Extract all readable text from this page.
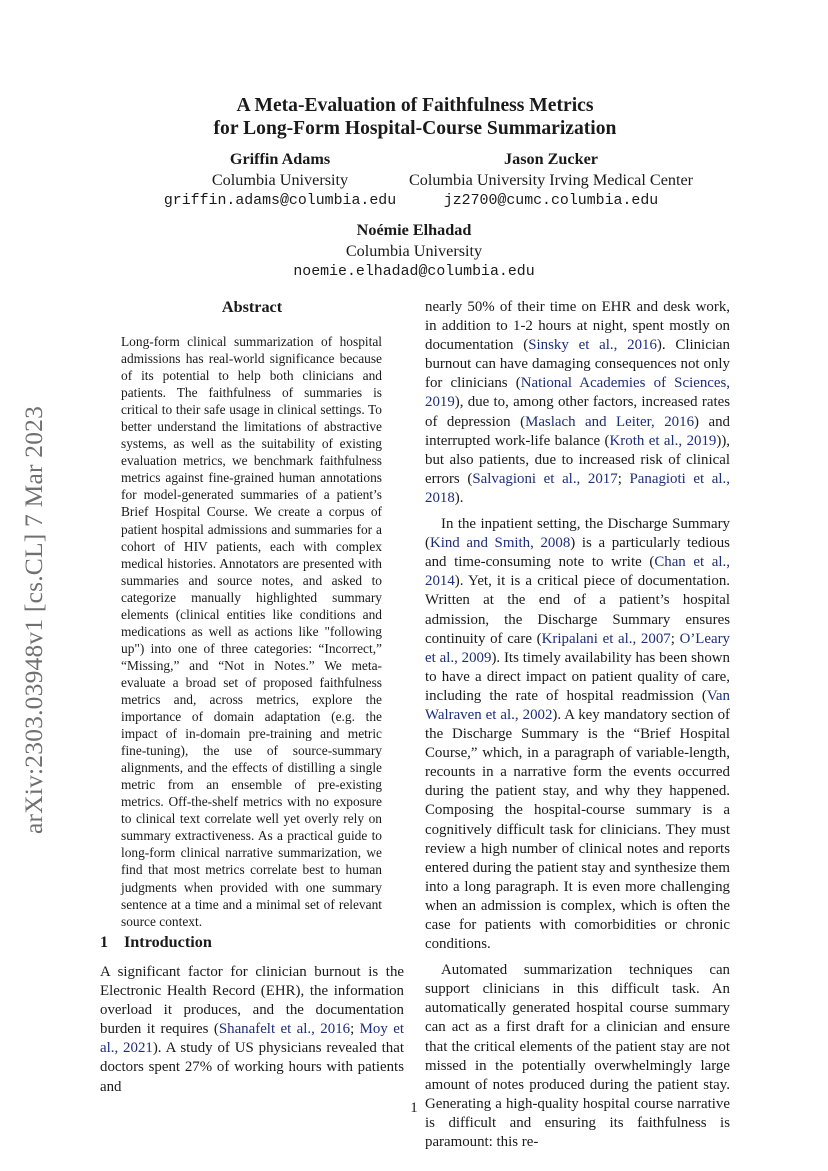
arXiv:2303.03948v1 [cs.CL] 7 Mar 2023
A Meta-Evaluation of Faithfulness Metrics
for Long-Form Hospital-Course Summarization
Griffin Adams
Columbia University
griffin.adams@columbia.edu
Jason Zucker
Columbia University Irving Medical Center
jz2700@cumc.columbia.edu
Noémie Elhadad
Columbia University
noemie.elhadad@columbia.edu
Abstract

Long-form clinical summarization of hospital admissions has real-world significance because of its potential to help both clinicians and patients. The faithfulness of summaries is critical to their safe usage in clinical settings. To better understand the limitations of abstractive systems, as well as the suitability of existing evaluation metrics, we benchmark faithfulness metrics against fine-grained human annotations for model-generated summaries of a patient’s Brief Hospital Course. We create a corpus of patient hospital admissions and summaries for a cohort of HIV patients, each with complex medical histories. Annotators are presented with summaries and source notes, and asked to categorize manually highlighted summary elements (clinical entities like conditions and medications as well as actions like "following up") into one of three categories: “Incorrect,” “Missing,” and “Not in Notes.” We meta-evaluate a broad set of proposed faithfulness metrics and, across metrics, explore the importance of domain adaptation (e.g. the impact of in-domain pre-training and metric fine-tuning), the use of source-summary alignments, and the effects of distilling a single metric from an ensemble of pre-existing metrics. Off-the-shelf metrics with no exposure to clinical text correlate well yet overly rely on summary extractiveness. As a practical guide to long-form clinical narrative summarization, we find that most metrics correlate best to human judgments when provided with one summary sentence at a time and a minimal set of relevant source context.

1 Introduction

A significant factor for clinician burnout is the Electronic Health Record (EHR), the information overload it produces, and the documentation burden it requires (Shanafelt et al., 2016; Moy et al., 2021). A study of US physicians revealed that doctors spent 27% of working hours with patients and

nearly 50% of their time on EHR and desk work, in addition to 1-2 hours at night, spent mostly on documentation (Sinsky et al., 2016). Clinician burnout can have damaging consequences not only for clinicians (National Academies of Sciences, 2019), due to, among other factors, increased rates of depression (Maslach and Leiter, 2016) and interrupted work-life balance (Kroth et al., 2019)), but also patients, due to increased risk of clinical errors (Salvagioni et al., 2017; Panagioti et al., 2018).

In the inpatient setting, the Discharge Summary (Kind and Smith, 2008) is a particularly tedious and time-consuming note to write (Chan et al., 2014). Yet, it is a critical piece of documentation. Written at the end of a patient’s hospital admission, the Discharge Summary ensures continuity of care (Kripalani et al., 2007; O’Leary et al., 2009). Its timely availability has been shown to have a direct impact on patient quality of care, including the rate of hospital readmission (Van Walraven et al., 2002). A key mandatory section of the Discharge Summary is the “Brief Hospital Course,” which, in a paragraph of variable-length, recounts in a narrative form the events occurred during the patient stay, and why they happened. Composing the hospital-course summary is a cognitively difficult task for clinicians. They must review a high number of clinical notes and reports entered during the patient stay and synthesize them into a long paragraph. It is even more challenging when an admission is complex, which is often the case for patients with comorbidities or chronic conditions.

Automated summarization techniques can support clinicians in this difficult task. An automatically generated hospital course summary can act as a first draft for a clinician and ensure that the critical elements of the patient stay are not missed in the potentially overwhelmingly large amount of notes produced during the patient stay. Generating a high-quality hospital course narrative is difficult and ensuring its faithfulness is paramount: this re-

1
